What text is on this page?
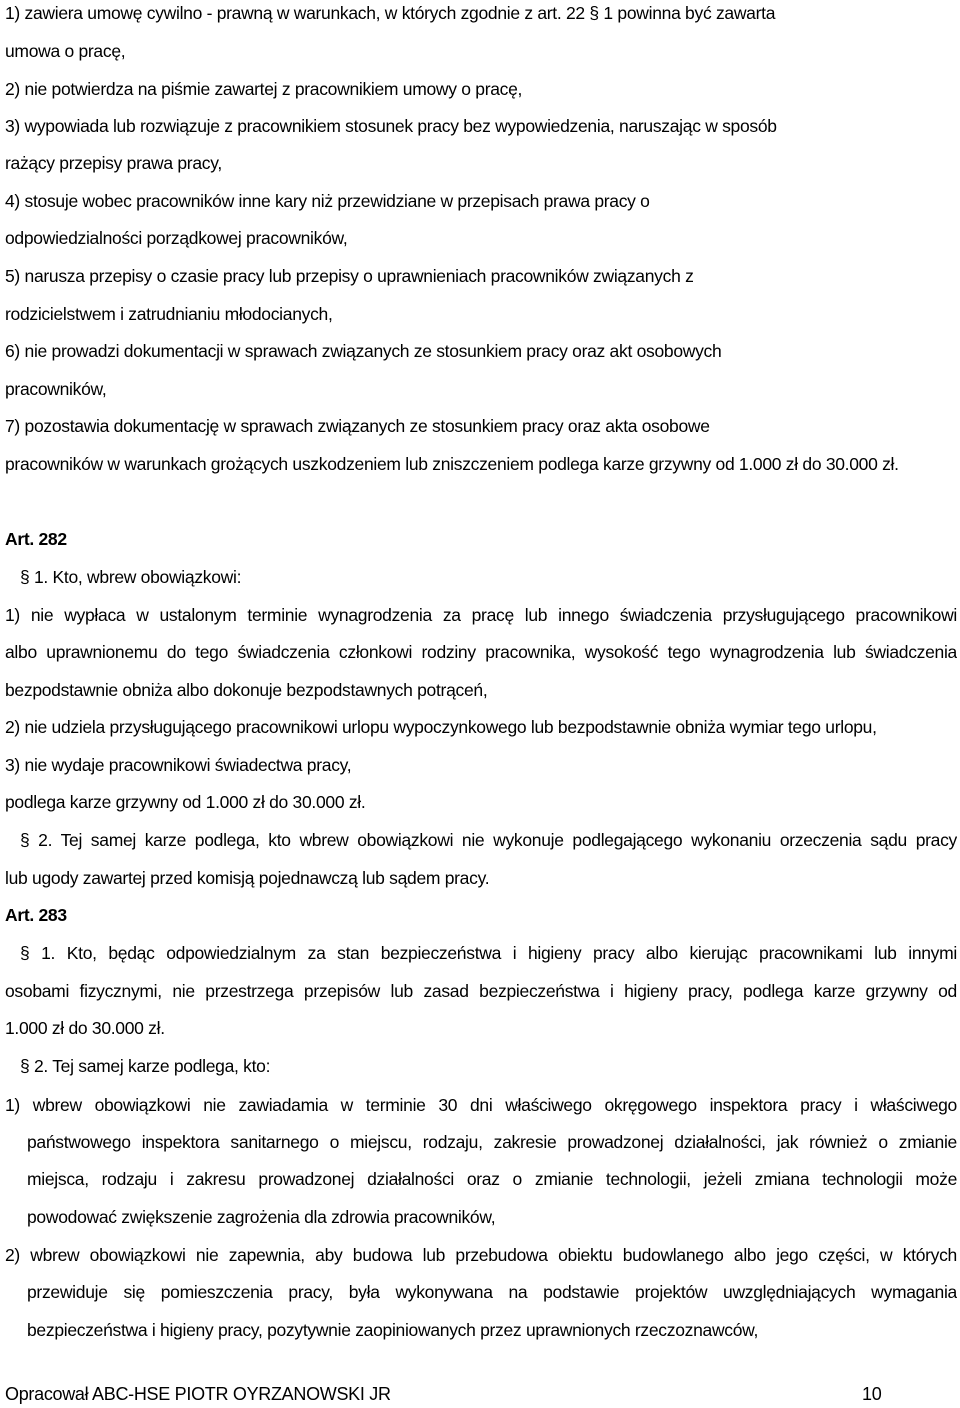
1) zawiera umowę cywilno - prawną w warunkach, w których zgodnie z art. 22 § 1 powinna być zawarta
umowa o pracę,
2) nie potwierdza na piśmie zawartej z pracownikiem umowy o pracę,
3) wypowiada lub rozwiązuje z pracownikiem stosunek pracy bez wypowiedzenia, naruszając w sposób
rażący przepisy prawa pracy,
4) stosuje wobec pracowników inne kary niż przewidziane w przepisach prawa pracy o
odpowiedzialności porządkowej pracowników,
5) narusza przepisy o czasie pracy lub przepisy o uprawnieniach pracowników związanych z
rodzicielstwem i zatrudnianiu młodocianych,
6) nie prowadzi dokumentacji w sprawach związanych ze stosunkiem pracy oraz akt osobowych
pracowników,
7) pozostawia dokumentację w sprawach związanych ze stosunkiem pracy oraz akta osobowe
pracowników w warunkach grożących uszkodzeniem lub zniszczeniem podlega karze grzywny od 1.000 zł do 30.000 zł.
Art. 282
§ 1. Kto, wbrew obowiązkowi:
1) nie wypłaca w ustalonym terminie wynagrodzenia za pracę lub innego świadczenia przysługującego pracownikowi
albo uprawnionemu do tego świadczenia członkowi rodziny pracownika, wysokość tego wynagrodzenia lub świadczenia
bezpodstawnie obniża albo dokonuje bezpodstawnych potrąceń,
2) nie udziela przysługującego pracownikowi urlopu wypoczynkowego lub bezpodstawnie obniża wymiar tego urlopu,
3) nie wydaje pracownikowi świadectwa pracy,
podlega karze grzywny od 1.000 zł do 30.000 zł.
§ 2. Tej samej karze podlega, kto wbrew obowiązkowi nie wykonuje podlegającego wykonaniu orzeczenia sądu pracy
lub ugody zawartej przed komisją pojednawczą lub sądem pracy.
Art. 283
§ 1. Kto, będąc odpowiedzialnym za stan bezpieczeństwa i higieny pracy albo kierując pracownikami lub innymi
osobami fizycznymi, nie przestrzega przepisów lub zasad bezpieczeństwa i higieny pracy, podlega karze grzywny od
1.000 zł do 30.000 zł.
§ 2. Tej samej karze podlega, kto:
1) wbrew obowiązkowi nie zawiadamia w terminie 30 dni właściwego okręgowego inspektora pracy i właściwego
państwowego inspektora sanitarnego o miejscu, rodzaju, zakresie prowadzonej działalności, jak również o zmianie
miejsca, rodzaju i zakresu prowadzonej działalności oraz o zmianie technologii, jeżeli zmiana technologii może
powodować zwiększenie zagrożenia dla zdrowia pracowników,
2) wbrew obowiązkowi nie zapewnia, aby budowa lub przebudowa obiektu budowlanego albo jego części, w których
przewiduje się pomieszczenia pracy, była wykonywana na podstawie projektów uwzględniających wymagania
bezpieczeństwa i higieny pracy, pozytywnie zaopiniowanych przez uprawnionych rzeczoznawców,
Opracował ABC-HSE PIOTR OYRZANOWSKI JR	10
